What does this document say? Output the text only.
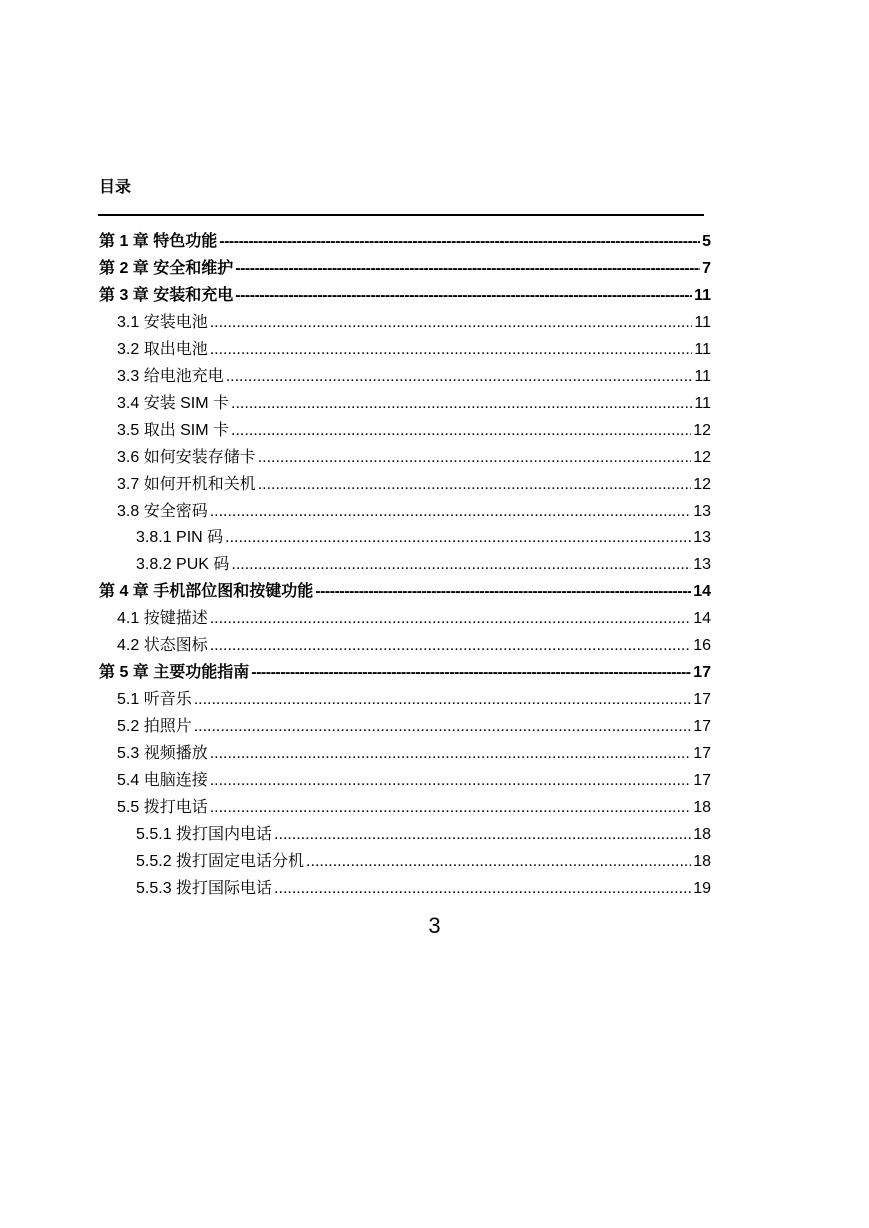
目录
第 1 章 特色功能 -----	5
第 2 章 安全和维护 -----	7
第 3 章 安装和充电 -----	11
3.1 安装电池 .....	11
3.2 取出电池 .....	11
3.3 给电池充电 .....	11
3.4 安装 SIM 卡 .....	11
3.5 取出 SIM 卡 .....	12
3.6 如何安装存储卡 .....	12
3.7 如何开机和关机 .....	12
3.8 安全密码 .....	13
3.8.1 PIN 码 .....	13
3.8.2 PUK 码 .....	13
第 4 章 手机部位图和按键功能 -----	14
4.1 按键描述 .....	14
4.2 状态图标 .....	16
第 5 章 主要功能指南 -----	17
5.1 听音乐 .....	17
5.2 拍照片 .....	17
5.3 视频播放 .....	17
5.4 电脑连接 .....	17
5.5 拨打电话 .....	18
5.5.1 拨打国内电话 .....	18
5.5.2 拨打固定电话分机 .....	18
5.5.3 拨打国际电话 .....	19
3
